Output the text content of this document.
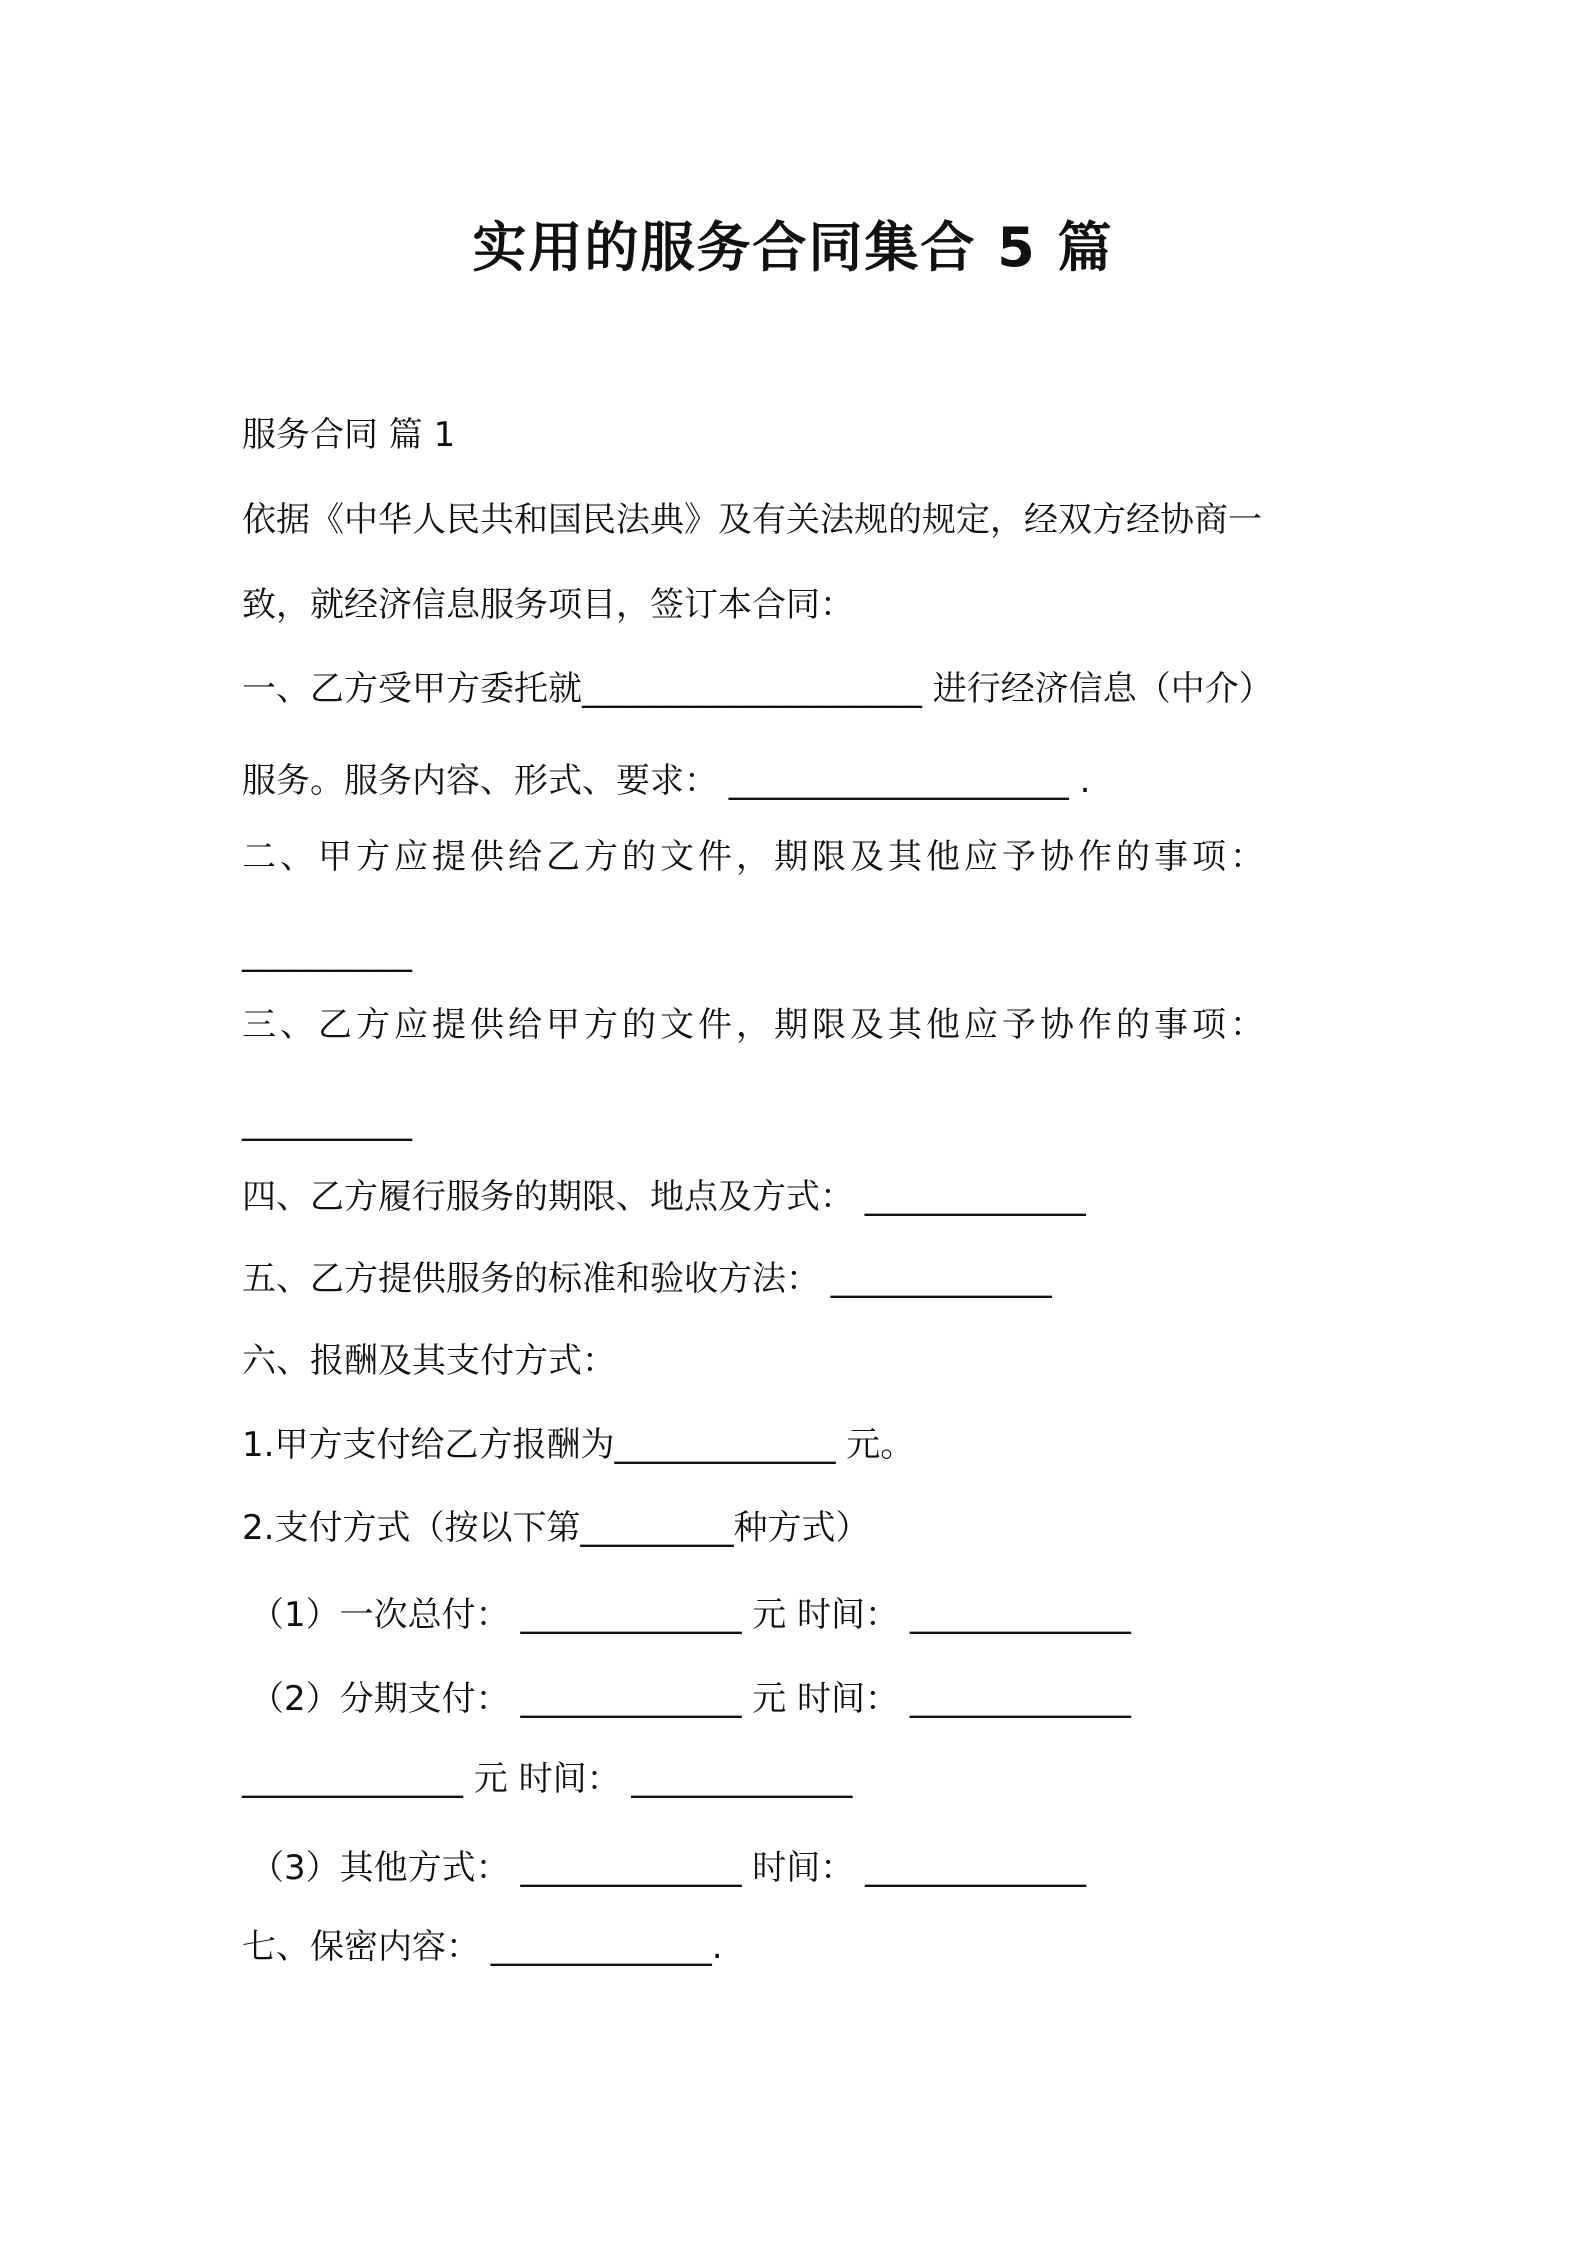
实用的服务合同集合 5 篇
服务合同 篇 1
依据《中华人民共和国民法典》及有关法规的规定，经双方经协商一
致，就经济信息服务项目，签订本合同：
一、乙方受甲方委托就____________________ 进行经济信息（中介）
服务。服务内容、形式、要求： ____________________ .
二、甲方应提供给乙方的文件，期限及其他应予协作的事项：
__________
三、乙方应提供给甲方的文件，期限及其他应予协作的事项：
__________
四、乙方履行服务的期限、地点及方式： _____________
五、乙方提供服务的标准和验收方法： _____________
六、报酬及其支付方式：
1.甲方支付给乙方报酬为_____________ 元。
2.支付方式（按以下第_________种方式）
（1）一次总付： _____________ 元 时间： _____________
（2）分期支付： _____________ 元 时间： _____________
_____________ 元 时间： _____________
（3）其他方式： _____________ 时间： _____________
七、保密内容： _____________.
